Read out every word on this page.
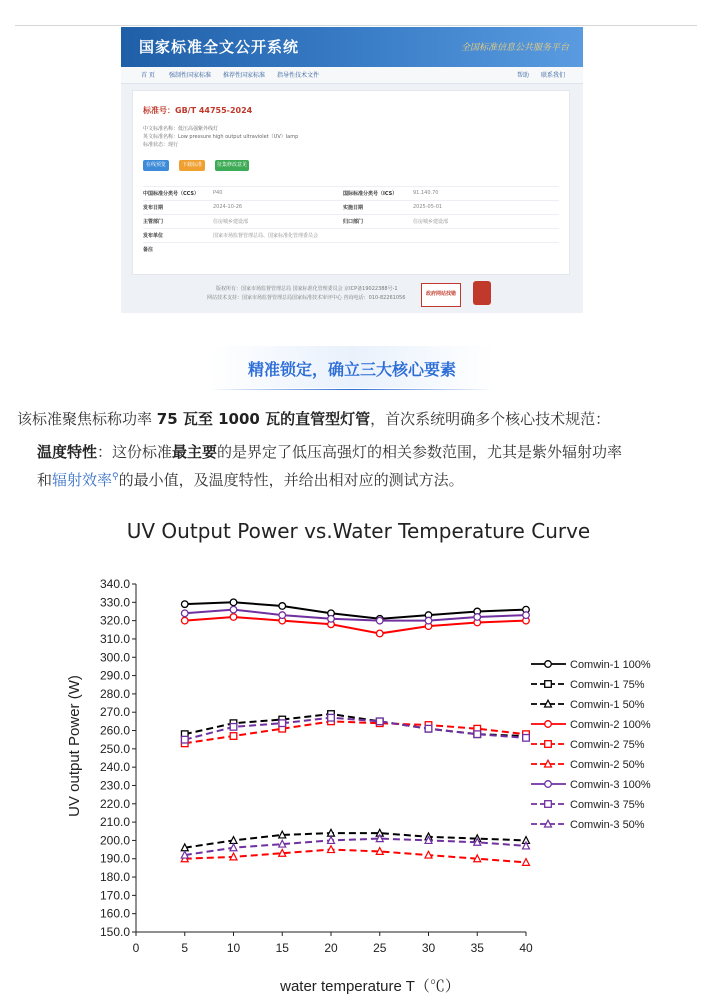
国家标准全文公开系统	全国标准信息公共服务平台
首 页 强制性国家标准 推荐性国家标准 指导性技术文件	帮助 联系我们
标准号：GB/T 44755-2024
中文标准名称：低压高强紫外线灯
英文标准名称：Low pressure high output ultraviolet（UV）lamp
标准状态：现行
在线预览	下载标准	征集修改意见
中国标准分类号（CCS）	P40	国际标准分类号（ICS）	91.140.70
发布日期	2024-10-26	实施日期	2025-05-01
主管部门	住房城乡建设部	归口部门	住房城乡建设部
发布单位	国家市场监督管理总局、国家标准化管理委员会
备注
版权所有：国家市场监督管理总局 国家标准化管理委员会 京ICP备19022388号-1
网站技术支持：国家市场监督管理总局国家标准技术审评中心 咨询电话：010-82261056
政府网站找错
精准锁定，确立三大核心要素
该标准聚焦标称功率 75 瓦至 1000 瓦的直管型灯管，首次系统明确多个核心技术规范：
温度特性：这份标准最主要的是界定了低压高强灯的相关参数范围，尤其是紫外辐射功率
和辐射效率⚲的最小值，及温度特性，并给出相对应的测试方法。
UV Output Power vs.Water Temperature Curve
150.0
160.0
170.0
180.0
190.0
200.0
210.0
220.0
230.0
240.0
250.0
260.0
270.0
280.0
290.0
300.0
310.0
320.0
330.0
340.0
0	5	10	15	20	25	30	35	40
Comwin-1 100%
Comwin-1 75%
Comwin-1 50%
Comwin-2 100%
Comwin-2 75%
Comwin-2 50%
Comwin-3 100%
Comwin-3 75%
Comwin-3 50%
UV output Power (W)
water temperature T（℃）
